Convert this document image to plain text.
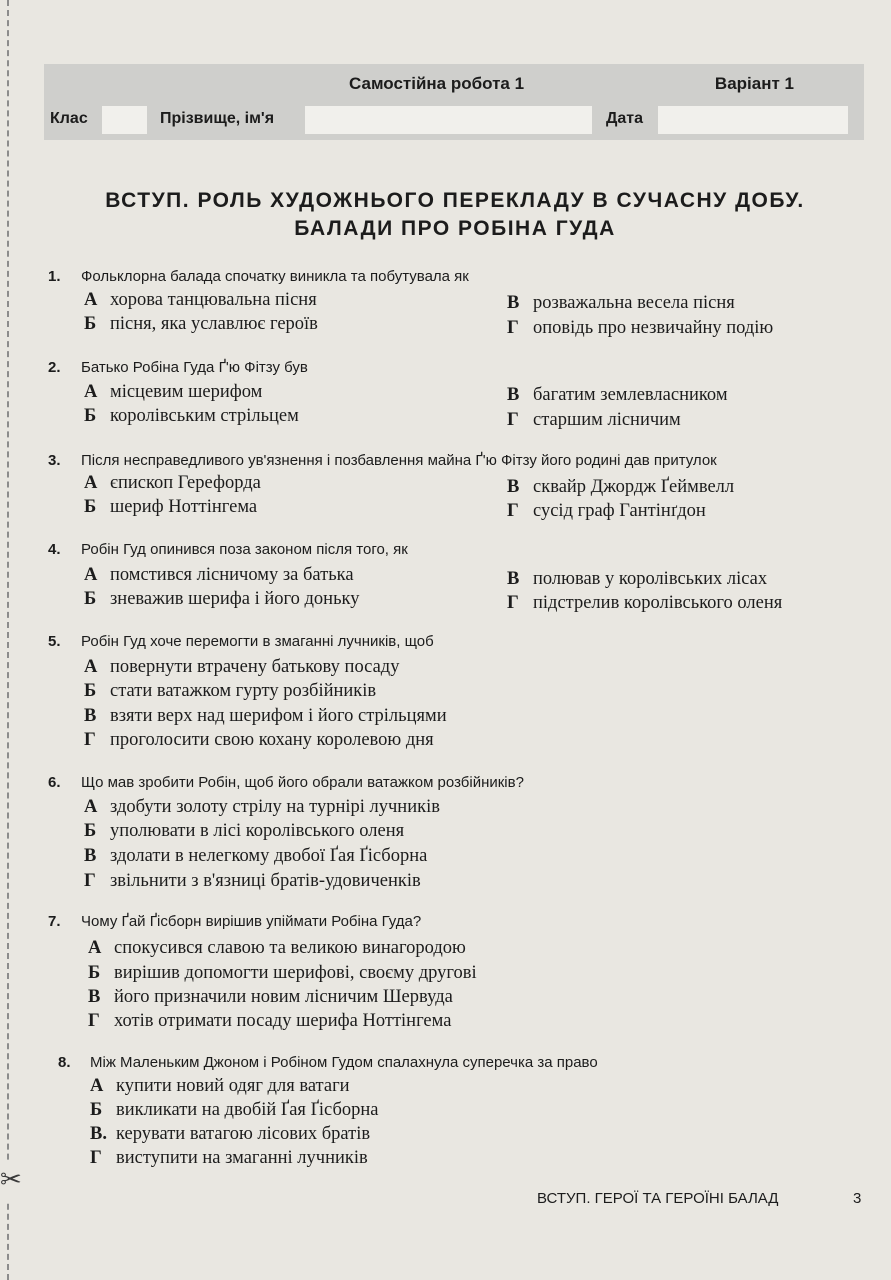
✂
Самостійна робота 1	Варіант 1
Клас	Прізвище, ім'я	Дата
ВСТУП. РОЛЬ ХУДОЖНЬОГО ПЕРЕКЛАДУ В СУЧАСНУ ДОБУ.
БАЛАДИ ПРО РОБІНА ГУДА
1. Фольклорна балада спочатку виникла та побутувала як
А хорова танцювальна пісня
Б пісня, яка уславлює героїв
В розважальна весела пісня
Г оповідь про незвичайну подію
2. Батько Робіна Гуда Ґ'ю Фітзу був
А місцевим шерифом
Б королівським стрільцем
В багатим землевласником
Г старшим лісничим
3. Після несправедливого ув'язнення і позбавлення майна Ґ'ю Фітзу його родині дав притулок
А єпископ Герефорда
Б шериф Ноттінгема
В сквайр Джордж Ґеймвелл
Г сусід граф Гантінґдон
4. Робін Гуд опинився поза законом після того, як
А помстився лісничому за батька
Б зневажив шерифа і його доньку
В полював у королівських лісах
Г підстрелив королівського оленя
5. Робін Гуд хоче перемогти в змаганні лучників, щоб
А повернути втрачену батькову посаду
Б стати ватажком гурту розбійників
В взяти верх над шерифом і його стрільцями
Г проголосити свою кохану королевою дня
6. Що мав зробити Робін, щоб його обрали ватажком розбійників?
А здобути золоту стрілу на турнірі лучників
Б уполювати в лісі королівського оленя
В здолати в нелегкому двобої Ґая Ґісборна
Г звільнити з в'язниці братів-удовиченків
7. Чому Ґай Ґісборн вирішив упіймати Робіна Гуда?
А спокусився славою та великою винагородою
Б вирішив допомогти шерифові, своєму другові
В його призначили новим лісничим Шервуда
Г хотів отримати посаду шерифа Ноттінгема
8. Між Маленьким Джоном і Робіном Гудом спалахнула суперечка за право
А купити новий одяг для ватаги
Б викликати на двобій Ґая Ґісборна
В. керувати ватагою лісових братів
Г виступити на змаганні лучників
ВСТУП. ГЕРОЇ ТА ГЕРОЇНІ БАЛАД	3
